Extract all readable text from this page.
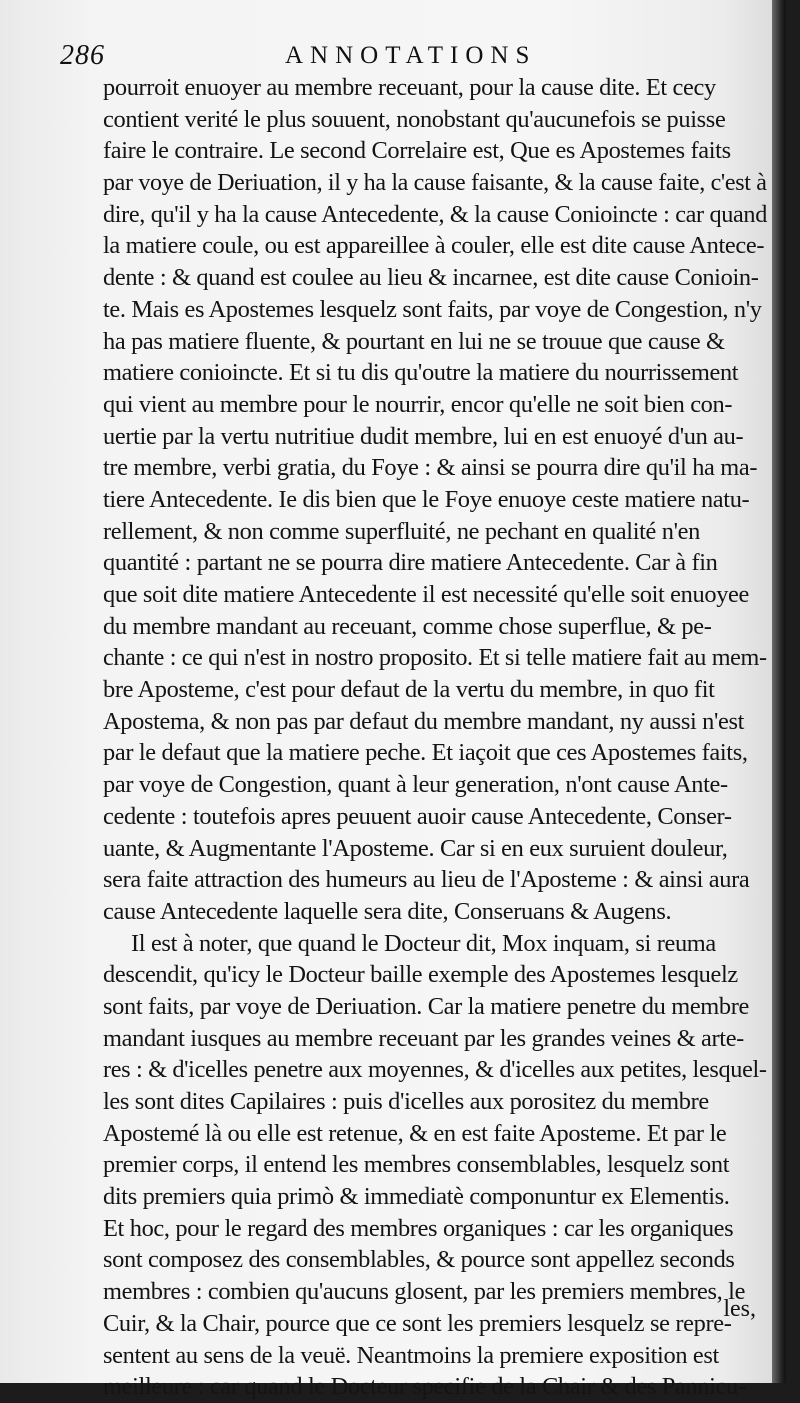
286	ANNOTATIONS
pourroit enuoyer au membre receuant, pour la cause dite. Et cecy
contient verité le plus souuent, nonobstant qu'aucunefois se puisse
faire le contraire. Le second Correlaire est, Que es Apostemes faits
par voye de Deriuation, il y ha la cause faisante, & la cause faite, c'est à
dire, qu'il y ha la cause Antecedente, & la cause Conioincte : car quand
la matiere coule, ou est appareillee à couler, elle est dite cause Antece-
dente : & quand est coulee au lieu & incarnee, est dite cause Conioin-
te. Mais es Apostemes lesquelz sont faits, par voye de Congestion, n'y
ha pas matiere fluente, & pourtant en lui ne se trouue que cause &
matiere conioincte. Et si tu dis qu'outre la matiere du nourrissement
qui vient au membre pour le nourrir, encor qu'elle ne soit bien con-
uertie par la vertu nutritiue dudit membre, lui en est enuoyé d'un au-
tre membre, verbi gratia, du Foye : & ainsi se pourra dire qu'il ha ma-
tiere Antecedente. Ie dis bien que le Foye enuoye ceste matiere natu-
rellement, & non comme superfluité, ne pechant en qualité n'en
quantité : partant ne se pourra dire matiere Antecedente. Car à fin
que soit dite matiere Antecedente il est necessité qu'elle soit enuoyee
du membre mandant au receuant, comme chose superflue, & pe-
chante : ce qui n'est in nostro proposito. Et si telle matiere fait au mem-
bre Aposteme, c'est pour defaut de la vertu du membre, in quo fit
Apostema, & non pas par defaut du membre mandant, ny aussi n'est
par le defaut que la matiere peche. Et iaçoit que ces Apostemes faits,
par voye de Congestion, quant à leur generation, n'ont cause Ante-
cedente : toutefois apres peuuent auoir cause Antecedente, Conser-
uante, & Augmentante l'Aposteme. Car si en eux suruient douleur,
sera faite attraction des humeurs au lieu de l'Aposteme : & ainsi aura
cause Antecedente laquelle sera dite, Conseruans & Augens.
Il est à noter, que quand le Docteur dit, Mox inquam, si reuma
descendit, qu'icy le Docteur baille exemple des Apostemes lesquelz
sont faits, par voye de Deriuation. Car la matiere penetre du membre
mandant iusques au membre receuant par les grandes veines & arte-
res : & d'icelles penetre aux moyennes, & d'icelles aux petites, lesquel-
les sont dites Capilaires : puis d'icelles aux porositez du membre
Apostemé là ou elle est retenue, & en est faite Aposteme. Et par le
premier corps, il entend les membres consemblables, lesquelz sont
dits premiers quia primò & immediatè componuntur ex Elementis.
Et hoc, pour le regard des membres organiques : car les organiques
sont composez des consemblables, & pource sont appellez seconds
membres : combien qu'aucuns glosent, par les premiers membres, le
Cuir, & la Chair, pource que ce sont les premiers lesquelz se repre-
sentent au sens de la veuë. Neantmoins la premiere exposition est
meilleure : car quand le Docteur specifie de la Chair & des Pannicu-
les,
